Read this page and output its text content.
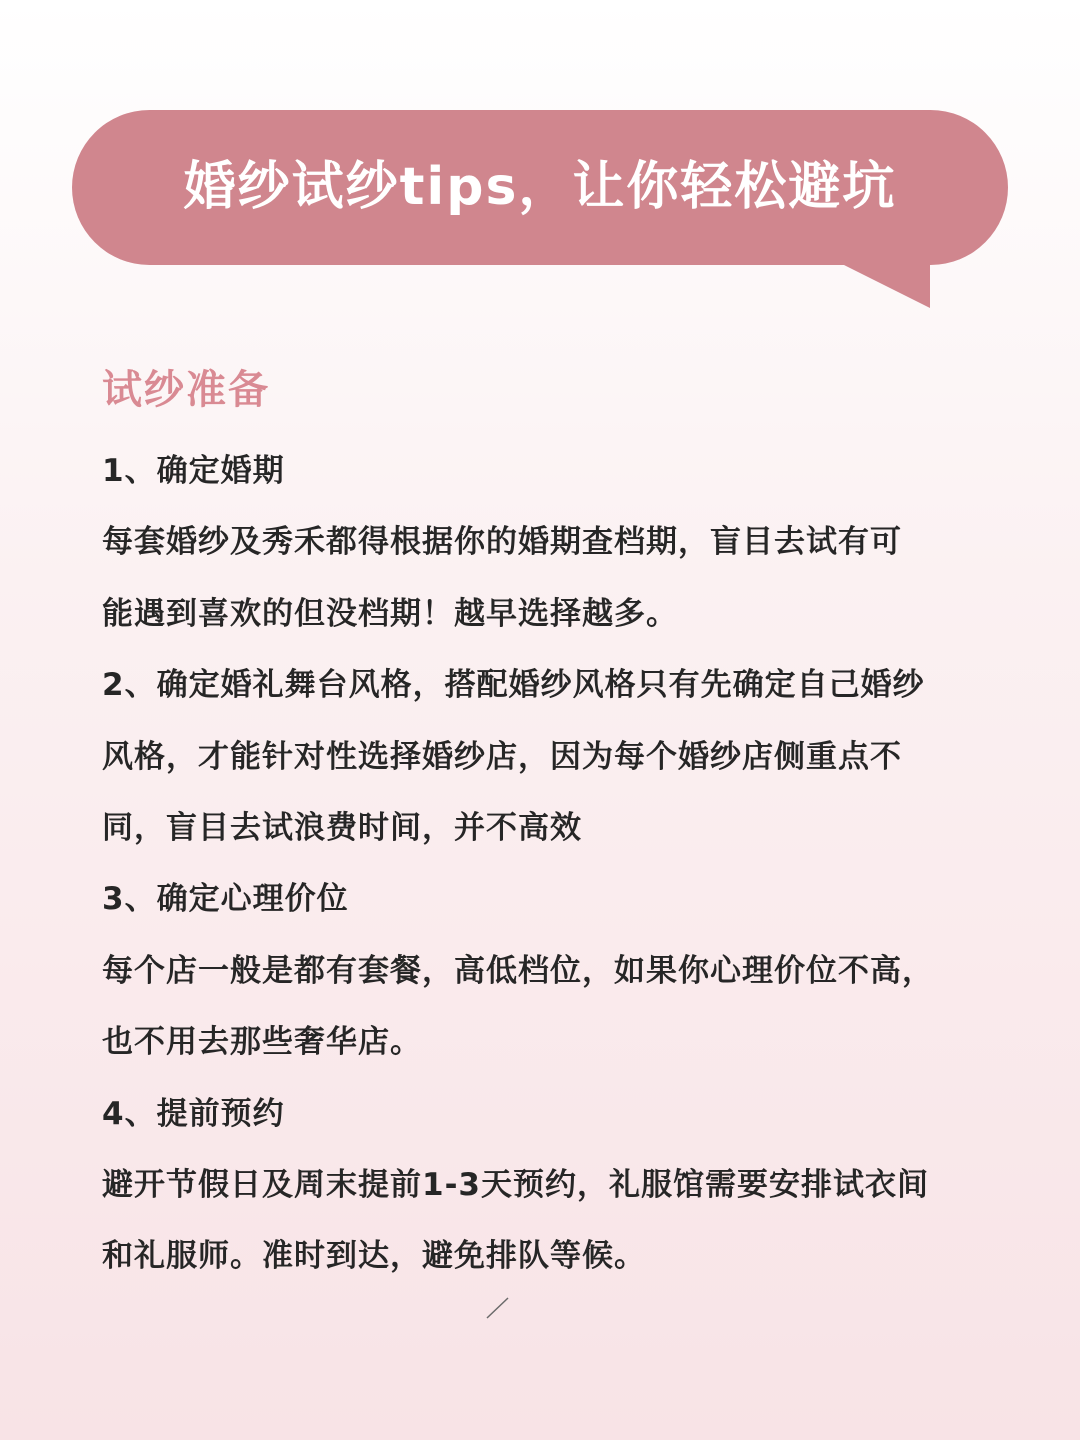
婚纱试纱tips，让你轻松避坑
试纱准备
1、确定婚期
每套婚纱及秀禾都得根据你的婚期查档期，盲目去试有可
能遇到喜欢的但没档期！越早选择越多。
2、确定婚礼舞台风格，搭配婚纱风格只有先确定自己婚纱
风格，才能针对性选择婚纱店，因为每个婚纱店侧重点不
同，盲目去试浪费时间，并不高效
3、确定心理价位
每个店一般是都有套餐，高低档位，如果你心理价位不高，
也不用去那些奢华店。
4、提前预约
避开节假日及周末提前1-3天预约，礼服馆需要安排试衣间
和礼服师。准时到达，避免排队等候。
